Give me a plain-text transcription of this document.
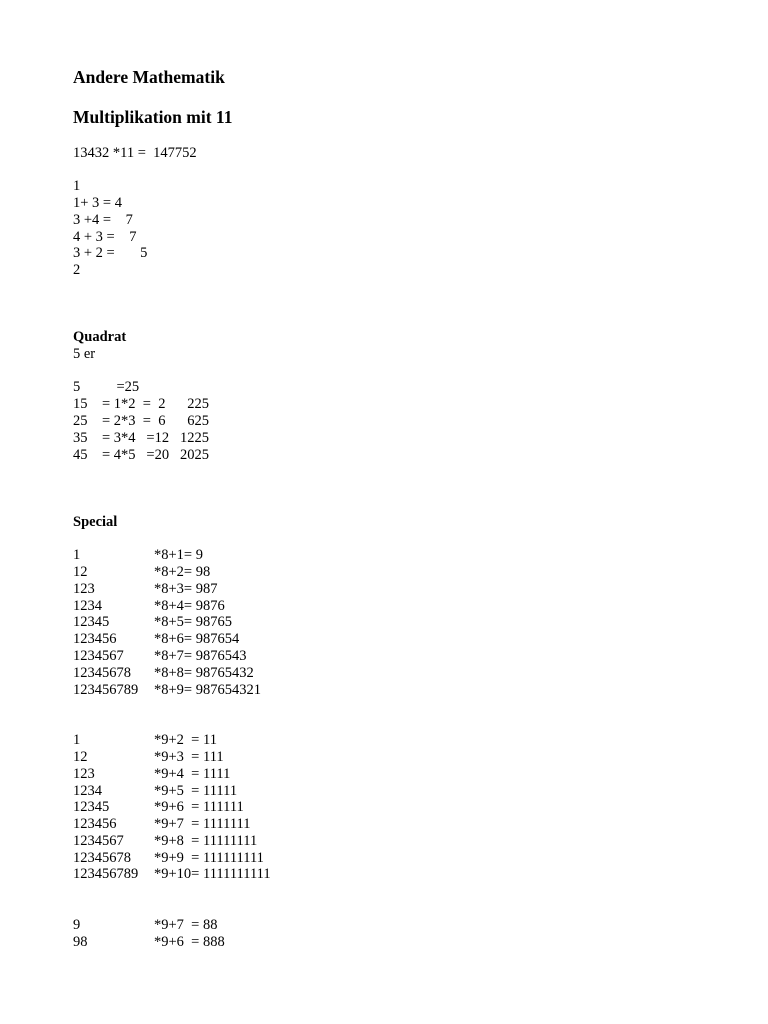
Andere Mathematik
Multiplikation mit 11
13432 *11 =  147752
1
1+ 3 = 4
3 +4 =    7
4 + 3 =    7
3 + 2 =       5
2
Quadrat
5 er
5          =25
15    = 1*2  =  2      225
25    = 2*3  =  6      625
35    = 3*4   =12   1225
45    = 4*5   =20   2025
Special
1	*8+1= 9
12	*8+2= 98
123	*8+3= 987
1234	*8+4= 9876
12345	*8+5= 98765
123456	*8+6= 987654
1234567 *8+7= 9876543
12345678 *8+8= 98765432
123456789 *8+9= 987654321
1	*9+2  = 11
12	*9+3  = 111
123	*9+4  = 1111
1234	*9+5  = 11111
12345	*9+6  = 111111
123456	*9+7  = 1111111
1234567 *9+8  = 11111111
12345678 *9+9  = 111111111
123456789 *9+10= 1111111111
9	*9+7  = 88
98	*9+6  = 888
